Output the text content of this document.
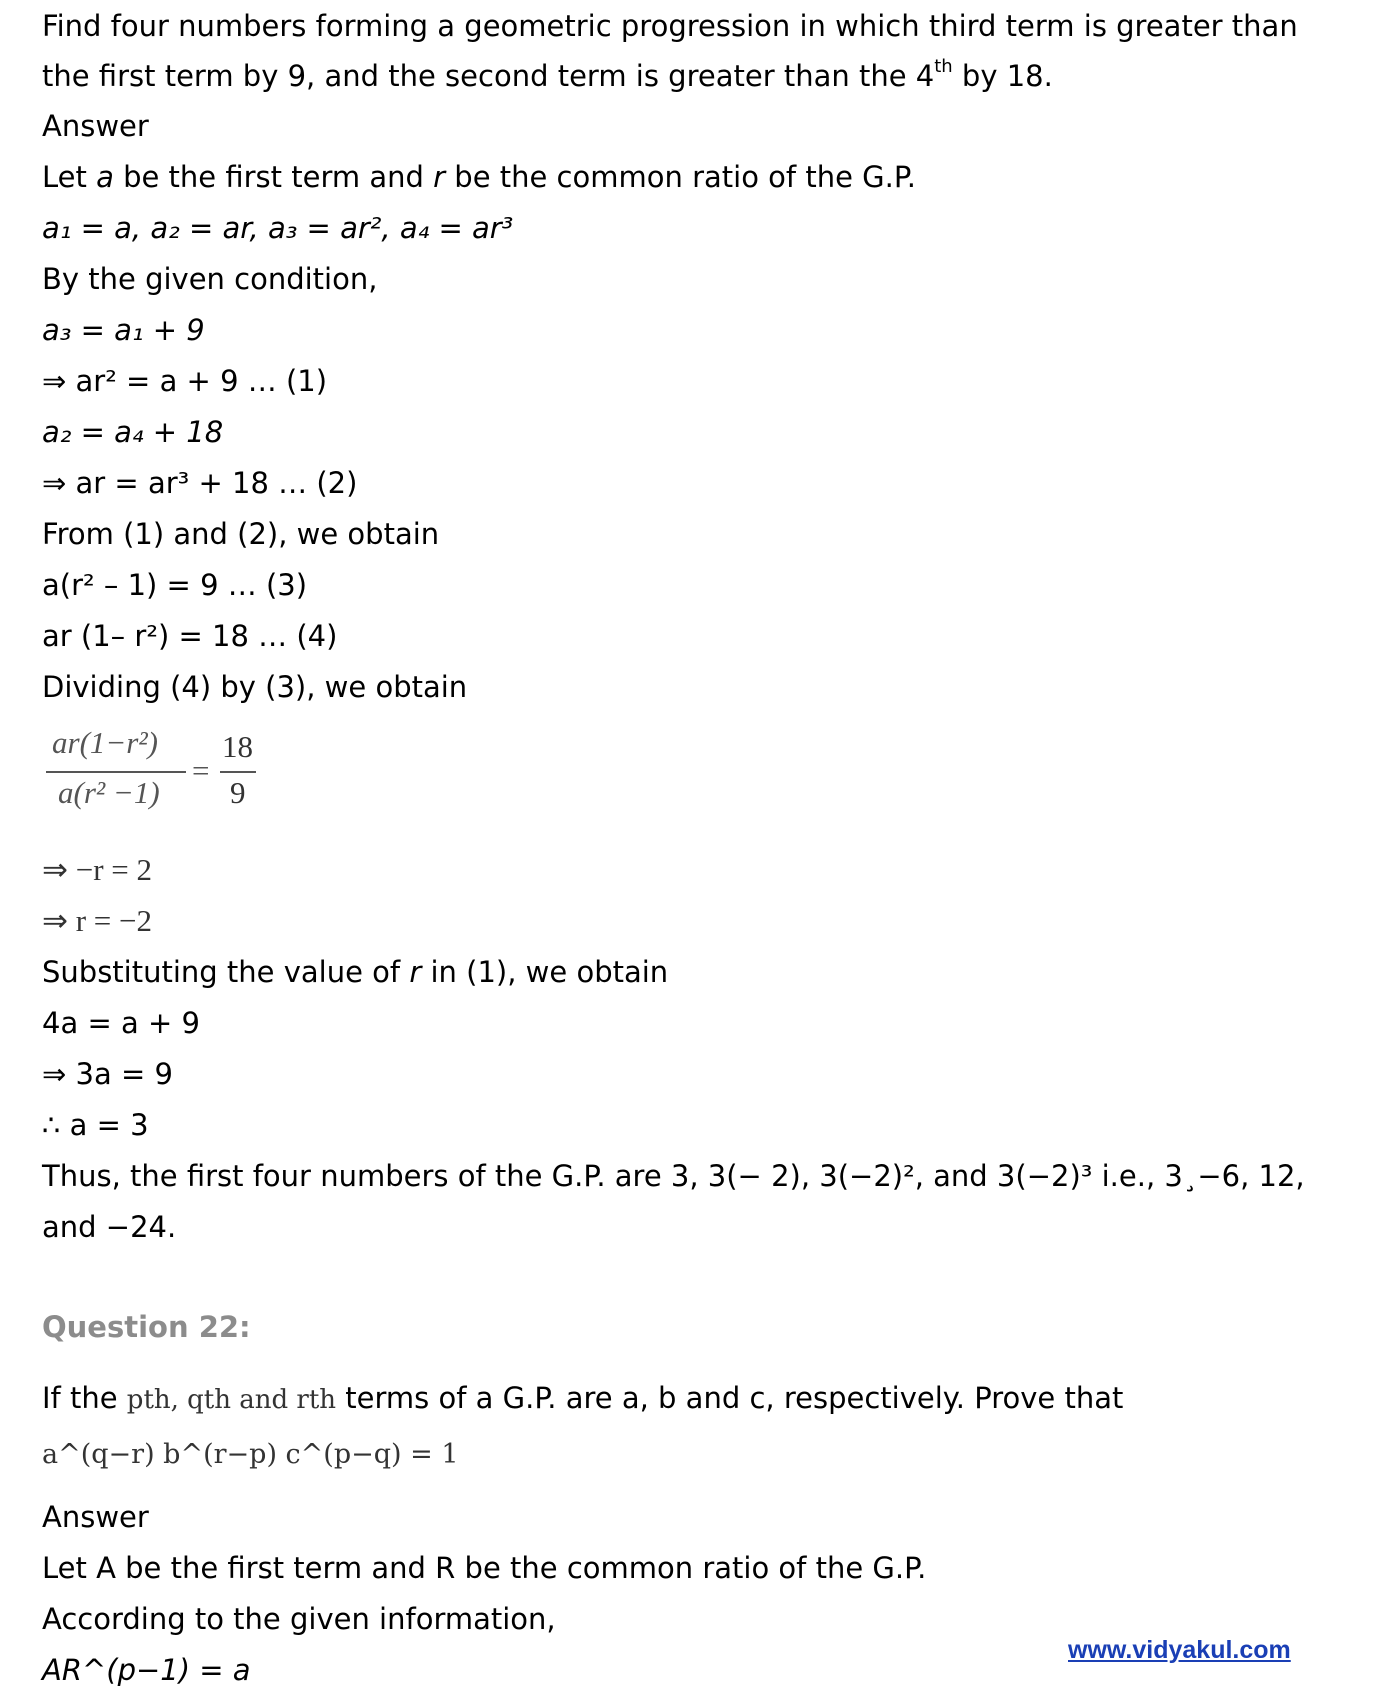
Find four numbers forming a geometric progression in which third term is greater than
the first term by 9, and the second term is greater than the 4th by 18.
Answer
Let a be the first term and r be the common ratio of the G.P.
a₁ = a, a₂ = ar, a₃ = ar², a₄ = ar³
By the given condition,
a₃ = a₁ + 9
⇒ ar² = a + 9 … (1)
a₂ = a₄ + 18
⇒ ar = ar³ + 18 … (2)
From (1) and (2), we obtain
a(r² – 1) = 9 … (3)
ar (1– r²) = 18 … (4)
Dividing (4) by (3), we obtain
ar(1−r²)
a(r² −1)
=
18
9
⇒ −r = 2
⇒ r = −2
Substituting the value of r in (1), we obtain
4a = a + 9
⇒ 3a = 9
∴ a = 3
Thus, the first four numbers of the G.P. are 3, 3(− 2), 3(−2)², and 3(−2)³ i.e., 3¸−6, 12,
and −24.
Question 22:
If the pth, qth and rth terms of a G.P. are a, b and c, respectively. Prove that
a^(q−r) b^(r−p) c^(p−q) = 1
Answer
Let A be the first term and R be the common ratio of the G.P.
According to the given information,
AR^(p−1) = a
www.vidyakul.com
